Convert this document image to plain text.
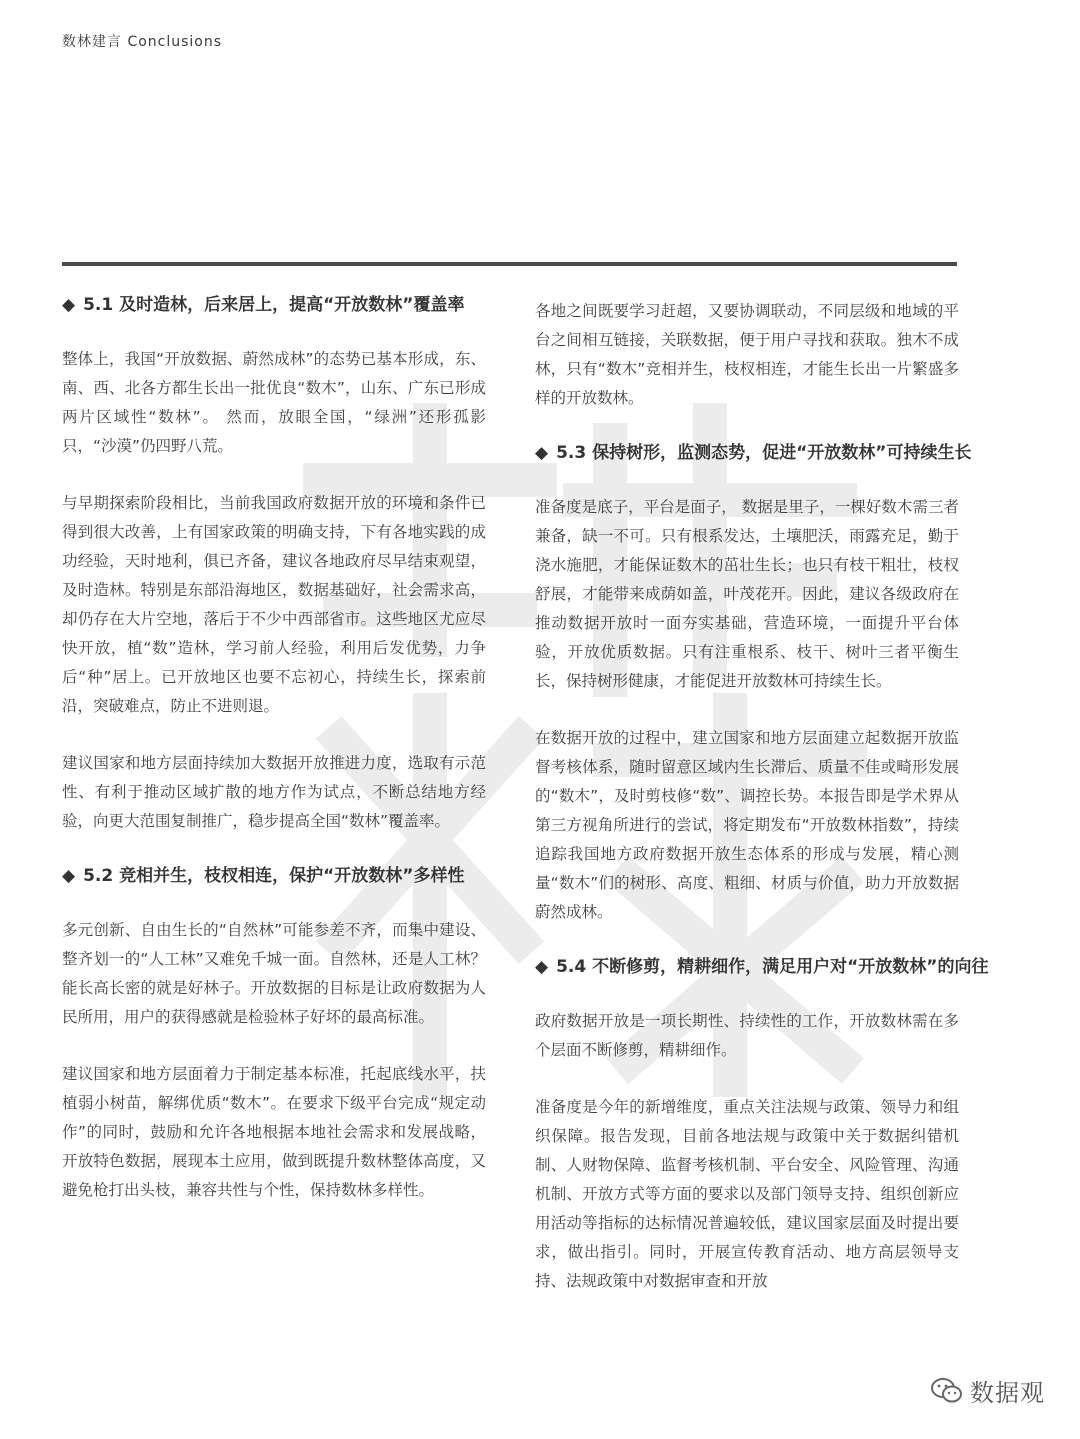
数林建言 Conclusions
◆ 5.1 及时造林，后来居上，提高“开放数林”覆盖率

整体上，我国“开放数据、蔚然成林”的态势已基本形成，东、南、西、北各方都生长出一批优良“数木”，山东、广东已形成两片区域性“数林”。 然而，放眼全国，“绿洲”还形孤影只，“沙漠”仍四野八荒。

与早期探索阶段相比，当前我国政府数据开放的环境和条件已得到很大改善，上有国家政策的明确支持，下有各地实践的成功经验，天时地利，俱已齐备，建议各地政府尽早结束观望，及时造林。特别是东部沿海地区，数据基础好，社会需求高，却仍存在大片空地，落后于不少中西部省市。这些地区尤应尽快开放，植“数”造林，学习前人经验，利用后发优势，力争后“种”居上。已开放地区也要不忘初心，持续生长，探索前沿，突破难点，防止不进则退。

建议国家和地方层面持续加大数据开放推进力度，选取有示范性、有利于推动区域扩散的地方作为试点，不断总结地方经验，向更大范围复制推广，稳步提高全国“数林”覆盖率。

◆ 5.2 竞相并生，枝杈相连，保护“开放数林”多样性

多元创新、自由生长的“自然林”可能参差不齐，而集中建设、整齐划一的“人工林”又难免千城一面。自然林，还是人工林？能长高长密的就是好林子。开放数据的目标是让政府数据为人民所用，用户的获得感就是检验林子好坏的最高标准。

建议国家和地方层面着力于制定基本标准，托起底线水平，扶植弱小树苗，解绑优质“数木”。在要求下级平台完成“规定动作”的同时，鼓励和允许各地根据本地社会需求和发展战略，开放特色数据，展现本土应用，做到既提升数林整体高度，又避免枪打出头枝，兼容共性与个性，保持数林多样性。

各地之间既要学习赶超，又要协调联动，不同层级和地域的平台之间相互链接，关联数据，便于用户寻找和获取。独木不成林，只有“数木”竞相并生，枝杈相连，才能生长出一片繁盛多样的开放数林。

◆ 5.3 保持树形，监测态势，促进“开放数林”可持续生长

准备度是底子，平台是面子， 数据是里子，一棵好数木需三者兼备，缺一不可。只有根系发达，土壤肥沃，雨露充足，勤于浇水施肥，才能保证数木的茁壮生长；也只有枝干粗壮，枝杈舒展，才能带来成荫如盖，叶茂花开。因此，建议各级政府在推动数据开放时一面夯实基础，营造环境，一面提升平台体验，开放优质数据。只有注重根系、枝干、树叶三者平衡生长，保持树形健康，才能促进开放数林可持续生长。

在数据开放的过程中，建立国家和地方层面建立起数据开放监督考核体系，随时留意区域内生长滞后、质量不佳或畸形发展的“数木”，及时剪枝修“数”、调控长势。本报告即是学术界从第三方视角所进行的尝试，将定期发布“开放数林指数”，持续追踪我国地方政府数据开放生态体系的形成与发展，精心测量“数木”们的树形、高度、粗细、材质与价值，助力开放数据蔚然成林。

◆ 5.4 不断修剪，精耕细作，满足用户对“开放数林”的向往

政府数据开放是一项长期性、持续性的工作，开放数林需在多个层面不断修剪，精耕细作。

准备度是今年的新增维度，重点关注法规与政策、领导力和组织保障。报告发现，目前各地法规与政策中关于数据纠错机制、人财物保障、监督考核机制、平台安全、风险管理、沟通机制、开放方式等方面的要求以及部门领导支持、组织创新应用活动等指标的达标情况普遍较低，建议国家层面及时提出要求，做出指引。同时，开展宣传教育活动、地方高层领导支持、法规政策中对数据审查和开放

数据观
